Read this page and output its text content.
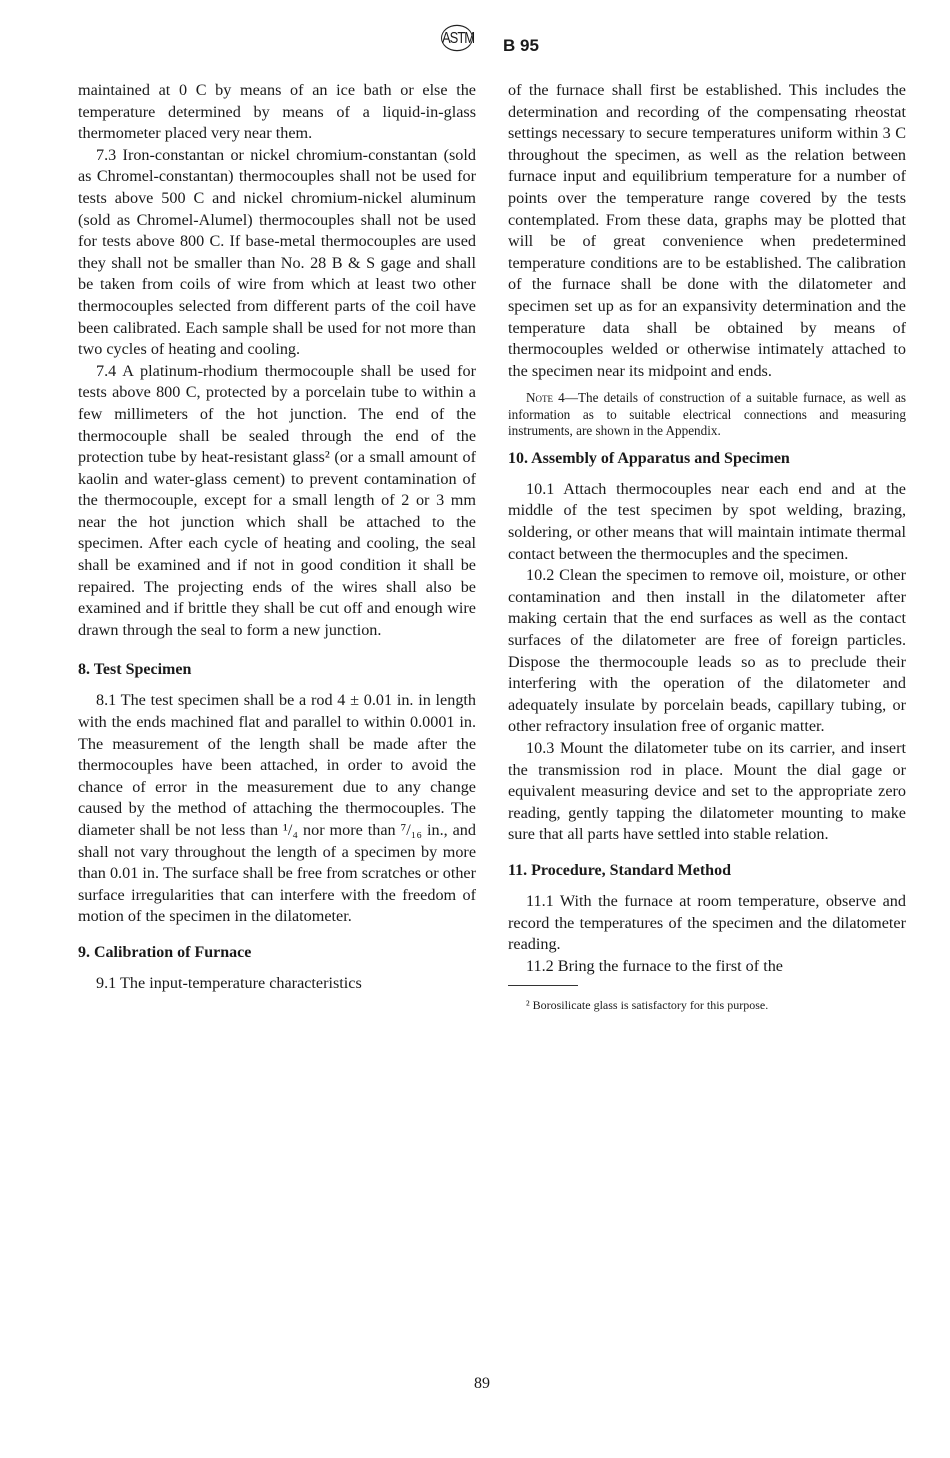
ASTM B 95

maintained at 0 C by means of an ice bath or else the temperature determined by means of a liquid-in-glass thermometer placed very near them.

7.3 Iron-constantan or nickel chromium-constantan (sold as Chromel-constantan) thermocouples shall not be used for tests above 500 C and nickel chromium-nickel aluminum (sold as Chromel-Alumel) thermocouples shall not be used for tests above 800 C. If base-metal thermocouples are used they shall not be smaller than No. 28 B & S gage and shall be taken from coils of wire from which at least two other thermocouples selected from different parts of the coil have been calibrated. Each sample shall be used for not more than two cycles of heating and cooling.

7.4 A platinum-rhodium thermocouple shall be used for tests above 800 C, protected by a porcelain tube to within a few millimeters of the hot junction. The end of the thermocouple shall be sealed through the end of the protection tube by heat-resistant glass² (or a small amount of kaolin and water-glass cement) to prevent contamination of the thermocouple, except for a small length of 2 or 3 mm near the hot junction which shall be attached to the specimen. After each cycle of heating and cooling, the seal shall be examined and if not in good condition it shall be repaired. The projecting ends of the wires shall also be examined and if brittle they shall be cut off and enough wire drawn through the seal to form a new junction.

8. Test Specimen

8.1 The test specimen shall be a rod 4 ± 0.01 in. in length with the ends machined flat and parallel to within 0.0001 in. The measurement of the length shall be made after the thermocouples have been attached, in order to avoid the chance of error in the measurement due to any change caused by the method of attaching the thermocouples. The diameter shall be not less than ¹/₄ nor more than ⁷/₁₆ in., and shall not vary throughout the length of a specimen by more than 0.01 in. The surface shall be free from scratches or other surface irregularities that can interfere with the freedom of motion of the specimen in the dilatometer.

9. Calibration of Furnace

9.1 The input-temperature characteristics

of the furnace shall first be established. This includes the determination and recording of the compensating rheostat settings necessary to secure temperatures uniform within 3 C throughout the specimen, as well as the relation between furnace input and equilibrium temperature for a number of points over the temperature range covered by the tests contemplated. From these data, graphs may be plotted that will be of great convenience when predetermined temperature conditions are to be established. The calibration of the furnace shall be done with the dilatometer and specimen set up as for an expansivity determination and the temperature data shall be obtained by means of thermocouples welded or otherwise intimately attached to the specimen near its midpoint and ends.

Note 4—The details of construction of a suitable furnace, as well as information as to suitable electrical connections and measuring instruments, are shown in the Appendix.
10. Assembly of Apparatus and Specimen

10.1 Attach thermocouples near each end and at the middle of the test specimen by spot welding, brazing, soldering, or other means that will maintain intimate thermal contact between the thermocuples and the specimen.

10.2 Clean the specimen to remove oil, moisture, or other contamination and then install in the dilatometer after making certain that the end surfaces as well as the contact surfaces of the dilatometer are free of foreign particles. Dispose the thermocouple leads so as to preclude their interfering with the operation of the dilatometer and adequately insulate by porcelain beads, capillary tubing, or other refractory insulation free of organic matter.

10.3 Mount the dilatometer tube on its carrier, and insert the transmission rod in place. Mount the dial gage or equivalent measuring device and set to the appropriate zero reading, gently tapping the dilatometer mounting to make sure that all parts have settled into stable relation.

11. Procedure, Standard Method

11.1 With the furnace at room temperature, observe and record the temperatures of the specimen and the dilatometer reading.

11.2 Bring the furnace to the first of the

² Borosilicate glass is satisfactory for this purpose.
89
